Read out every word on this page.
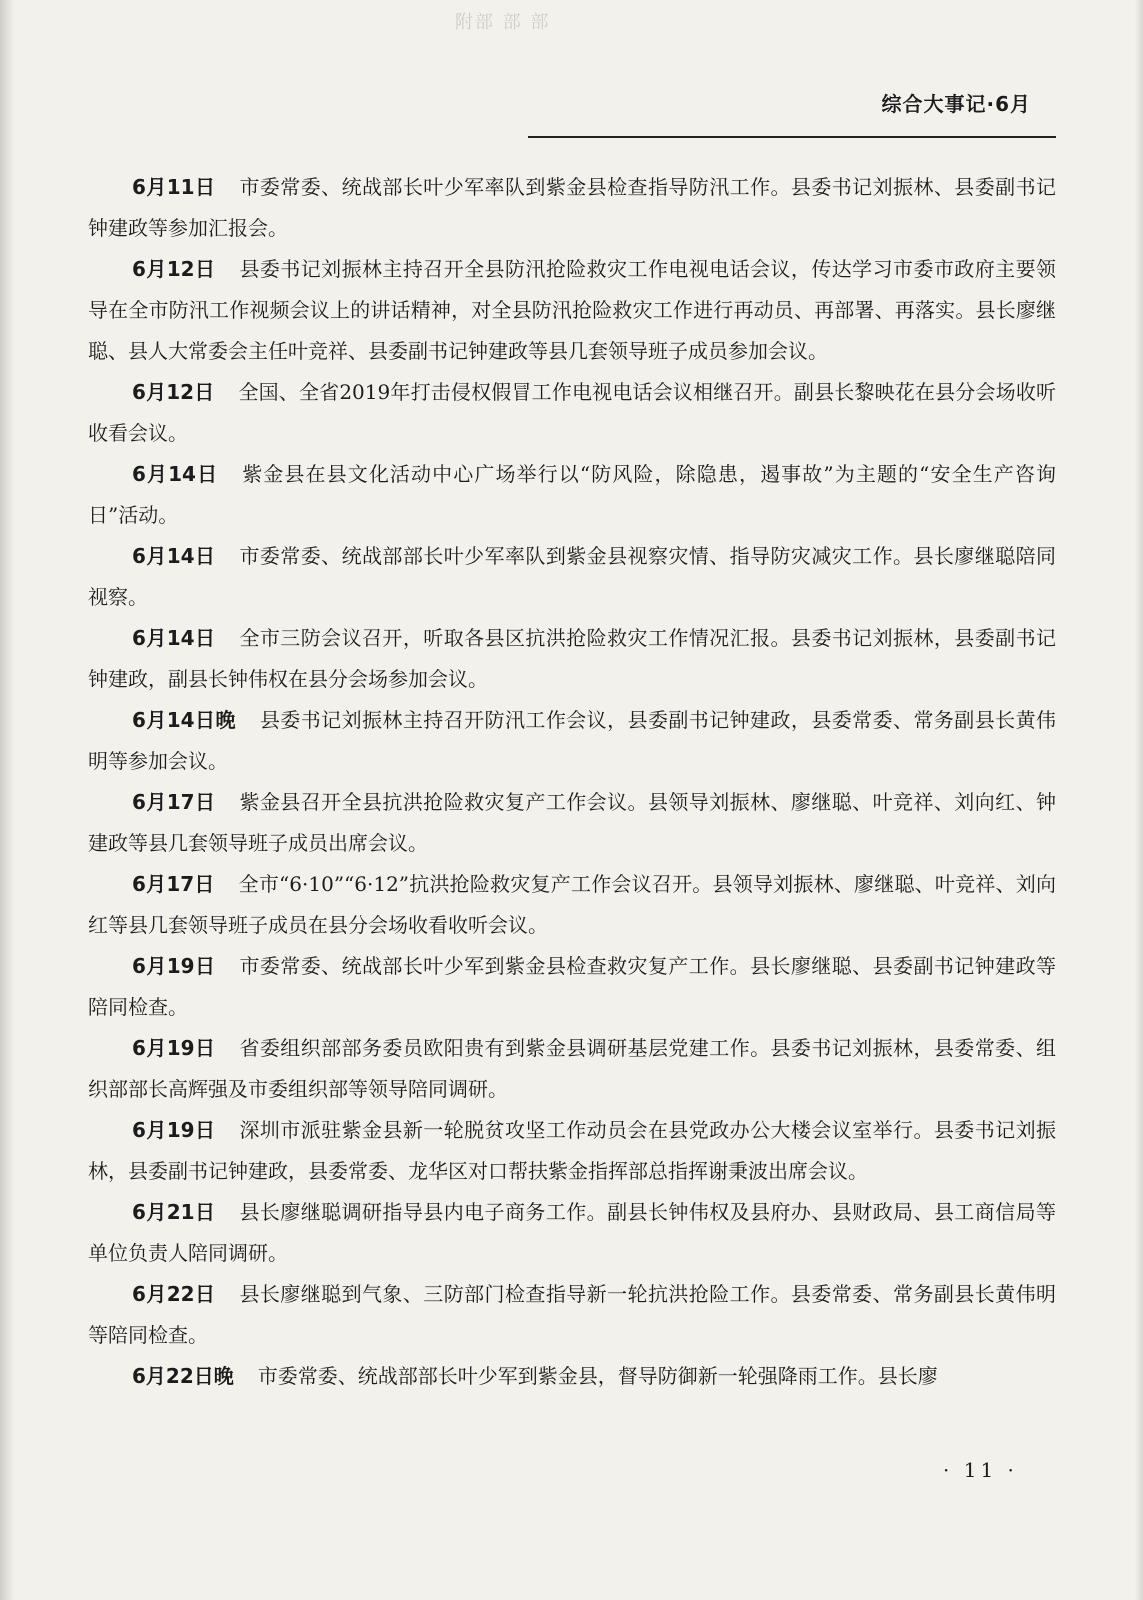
附部 部 部
综合大事记·6月

6月11日 市委常委、统战部长叶少军率队到紫金县检查指导防汛工作。县委书记刘振林、县委副书记钟建政等参加汇报会。

6月12日 县委书记刘振林主持召开全县防汛抢险救灾工作电视电话会议，传达学习市委市政府主要领导在全市防汛工作视频会议上的讲话精神，对全县防汛抢险救灾工作进行再动员、再部署、再落实。县长廖继聪、县人大常委会主任叶竞祥、县委副书记钟建政等县几套领导班子成员参加会议。

6月12日 全国、全省2019年打击侵权假冒工作电视电话会议相继召开。副县长黎映花在县分会场收听收看会议。

6月14日 紫金县在县文化活动中心广场举行以“防风险，除隐患，遏事故”为主题的“安全生产咨询日”活动。

6月14日 市委常委、统战部部长叶少军率队到紫金县视察灾情、指导防灾减灾工作。县长廖继聪陪同视察。

6月14日 全市三防会议召开，听取各县区抗洪抢险救灾工作情况汇报。县委书记刘振林，县委副书记钟建政，副县长钟伟权在县分会场参加会议。

6月14日晚 县委书记刘振林主持召开防汛工作会议，县委副书记钟建政，县委常委、常务副县长黄伟明等参加会议。

6月17日 紫金县召开全县抗洪抢险救灾复产工作会议。县领导刘振林、廖继聪、叶竞祥、刘向红、钟建政等县几套领导班子成员出席会议。

6月17日 全市“6·10”“6·12”抗洪抢险救灾复产工作会议召开。县领导刘振林、廖继聪、叶竞祥、刘向红等县几套领导班子成员在县分会场收看收听会议。

6月19日 市委常委、统战部长叶少军到紫金县检查救灾复产工作。县长廖继聪、县委副书记钟建政等陪同检查。

6月19日 省委组织部部务委员欧阳贵有到紫金县调研基层党建工作。县委书记刘振林，县委常委、组织部部长高辉强及市委组织部等领导陪同调研。

6月19日 深圳市派驻紫金县新一轮脱贫攻坚工作动员会在县党政办公大楼会议室举行。县委书记刘振林，县委副书记钟建政，县委常委、龙华区对口帮扶紫金指挥部总指挥谢秉波出席会议。

6月21日 县长廖继聪调研指导县内电子商务工作。副县长钟伟权及县府办、县财政局、县工商信局等单位负责人陪同调研。

6月22日 县长廖继聪到气象、三防部门检查指导新一轮抗洪抢险工作。县委常委、常务副县长黄伟明等陪同检查。

6月22日晚 市委常委、统战部部长叶少军到紫金县，督导防御新一轮强降雨工作。县长廖

· 11 ·
